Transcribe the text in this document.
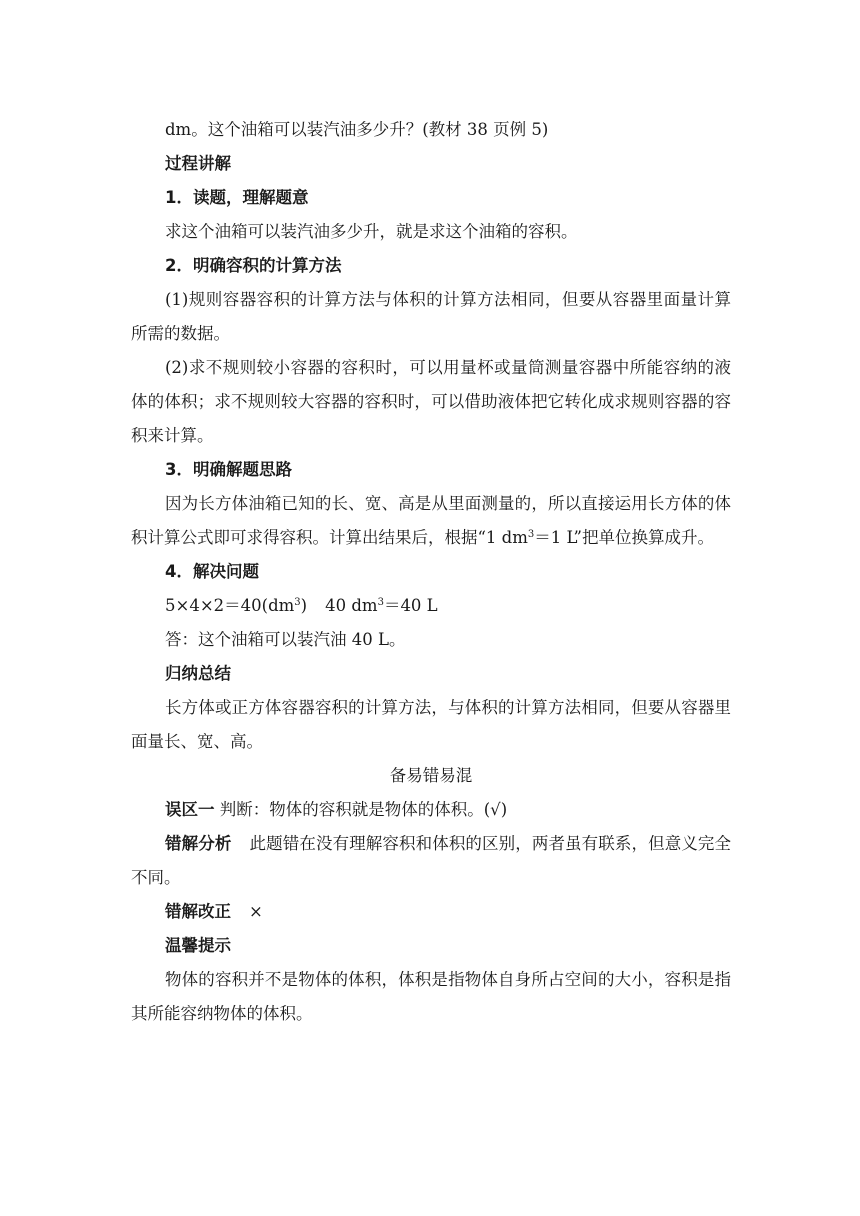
dm。这个油箱可以装汽油多少升？(教材 38 页例 5)
过程讲解
1．读题，理解题意
求这个油箱可以装汽油多少升，就是求这个油箱的容积。
2．明确容积的计算方法
(1)规则容器容积的计算方法与体积的计算方法相同，但要从容器里面量计算所需的数据。
(2)求不规则较小容器的容积时，可以用量杯或量筒测量容器中所能容纳的液体的体积；求不规则较大容器的容积时，可以借助液体把它转化成求规则容器的容积来计算。
3．明确解题思路
因为长方体油箱已知的长、宽、高是从里面测量的，所以直接运用长方体的体积计算公式即可求得容积。计算出结果后，根据“1 $dm^3=1$ L”把单位换算成升。
4．解决问题
$5\times 4\times 2=40(dm^3)$ 40 $dm^3=40$ L
答：这个油箱可以装汽油 40 L。
归纳总结
长方体或正方体容器容积的计算方法，与体积的计算方法相同，但要从容器里面量长、宽、高。
备易错易混
误区一 判断：物体的容积就是物体的体积。(√)
错解分析 此题错在没有理解容积和体积的区别，两者虽有联系，但意义完全不同。
错解改正 ×
温馨提示
物体的容积并不是物体的体积，体积是指物体自身所占空间的大小，容积是指其所能容纳物体的体积。
